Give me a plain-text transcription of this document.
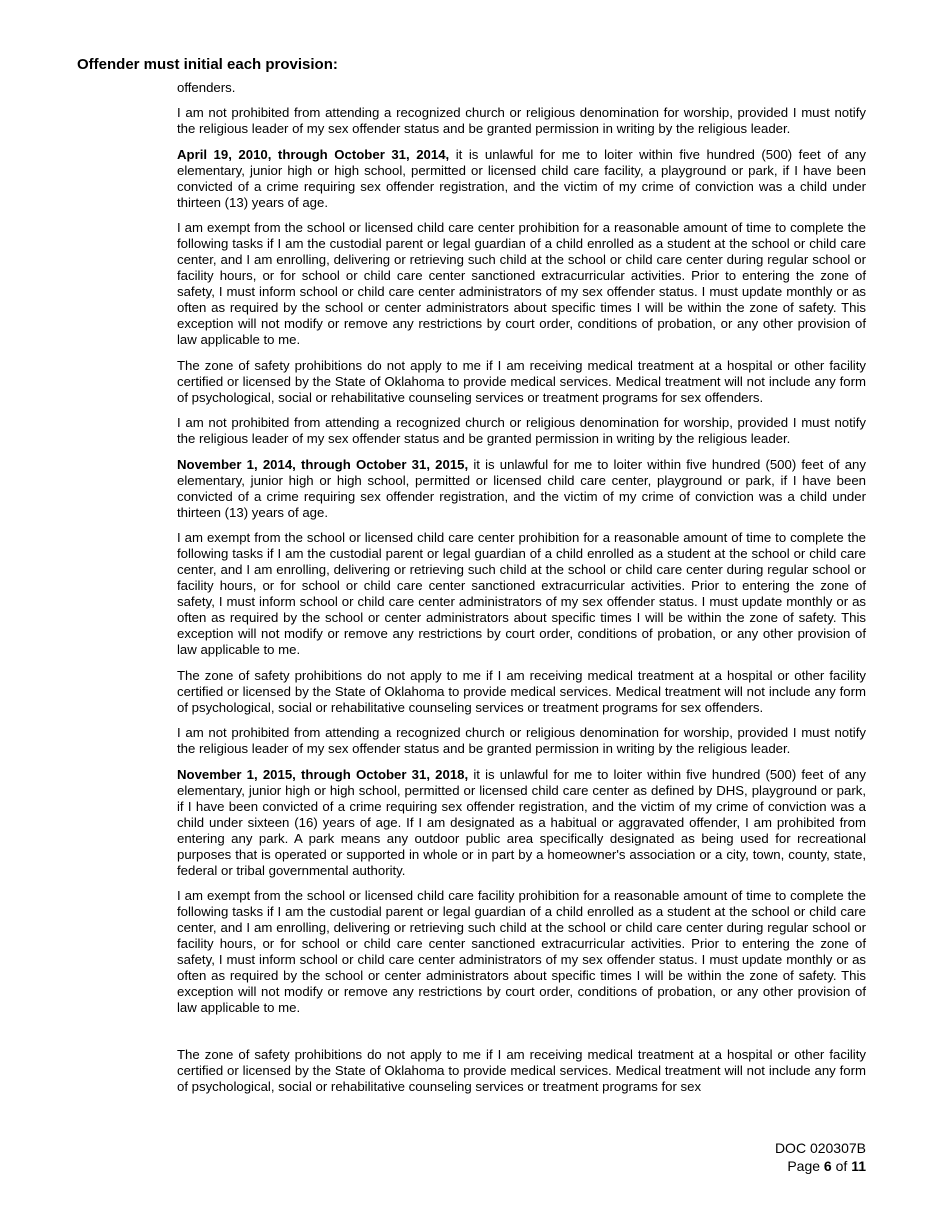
Offender must initial each provision:

offenders.

I am not prohibited from attending a recognized church or religious denomination for worship, provided I must notify the religious leader of my sex offender status and be granted permission in writing by the religious leader.

April 19, 2010, through October 31, 2014, it is unlawful for me to loiter within five hundred (500) feet of any elementary, junior high or high school, permitted or licensed child care facility, a playground or park, if I have been convicted of a crime requiring sex offender registration, and the victim of my crime of conviction was a child under thirteen (13) years of age.

I am exempt from the school or licensed child care center prohibition for a reasonable amount of time to complete the following tasks if I am the custodial parent or legal guardian of a child enrolled as a student at the school or child care center, and I am enrolling, delivering or retrieving such child at the school or child care center during regular school or facility hours, or for school or child care center sanctioned extracurricular activities. Prior to entering the zone of safety, I must inform school or child care center administrators of my sex offender status. I must update monthly or as often as required by the school or center administrators about specific times I will be within the zone of safety. This exception will not modify or remove any restrictions by court order, conditions of probation, or any other provision of law applicable to me.

The zone of safety prohibitions do not apply to me if I am receiving medical treatment at a hospital or other facility certified or licensed by the State of Oklahoma to provide medical services. Medical treatment will not include any form of psychological, social or rehabilitative counseling services or treatment programs for sex offenders.

I am not prohibited from attending a recognized church or religious denomination for worship, provided I must notify the religious leader of my sex offender status and be granted permission in writing by the religious leader.

November 1, 2014, through October 31, 2015, it is unlawful for me to loiter within five hundred (500) feet of any elementary, junior high or high school, permitted or licensed child care center, playground or park, if I have been convicted of a crime requiring sex offender registration, and the victim of my crime of conviction was a child under thirteen (13) years of age.

I am exempt from the school or licensed child care center prohibition for a reasonable amount of time to complete the following tasks if I am the custodial parent or legal guardian of a child enrolled as a student at the school or child care center, and I am enrolling, delivering or retrieving such child at the school or child care center during regular school or facility hours, or for school or child care center sanctioned extracurricular activities. Prior to entering the zone of safety, I must inform school or child care center administrators of my sex offender status. I must update monthly or as often as required by the school or center administrators about specific times I will be within the zone of safety. This exception will not modify or remove any restrictions by court order, conditions of probation, or any other provision of law applicable to me.

The zone of safety prohibitions do not apply to me if I am receiving medical treatment at a hospital or other facility certified or licensed by the State of Oklahoma to provide medical services. Medical treatment will not include any form of psychological, social or rehabilitative counseling services or treatment programs for sex offenders.

I am not prohibited from attending a recognized church or religious denomination for worship, provided I must notify the religious leader of my sex offender status and be granted permission in writing by the religious leader.

November 1, 2015, through October 31, 2018, it is unlawful for me to loiter within five hundred (500) feet of any elementary, junior high or high school, permitted or licensed child care center as defined by DHS, playground or park, if I have been convicted of a crime requiring sex offender registration, and the victim of my crime of conviction was a child under sixteen (16) years of age. If I am designated as a habitual or aggravated offender, I am prohibited from entering any park. A park means any outdoor public area specifically designated as being used for recreational purposes that is operated or supported in whole or in part by a homeowner's association or a city, town, county, state, federal or tribal governmental authority.

I am exempt from the school or licensed child care facility prohibition for a reasonable amount of time to complete the following tasks if I am the custodial parent or legal guardian of a child enrolled as a student at the school or child care center, and I am enrolling, delivering or retrieving such child at the school or child care center during regular school or facility hours, or for school or child care center sanctioned extracurricular activities. Prior to entering the zone of safety, I must inform school or child care center administrators of my sex offender status. I must update monthly or as often as required by the school or center administrators about specific times I will be within the zone of safety. This exception will not modify or remove any restrictions by court order, conditions of probation, or any other provision of law applicable to me.

The zone of safety prohibitions do not apply to me if I am receiving medical treatment at a hospital or other facility certified or licensed by the State of Oklahoma to provide medical services. Medical treatment will not include any form of psychological, social or rehabilitative counseling services or treatment programs for sex

DOC 020307B
Page 6 of 11
